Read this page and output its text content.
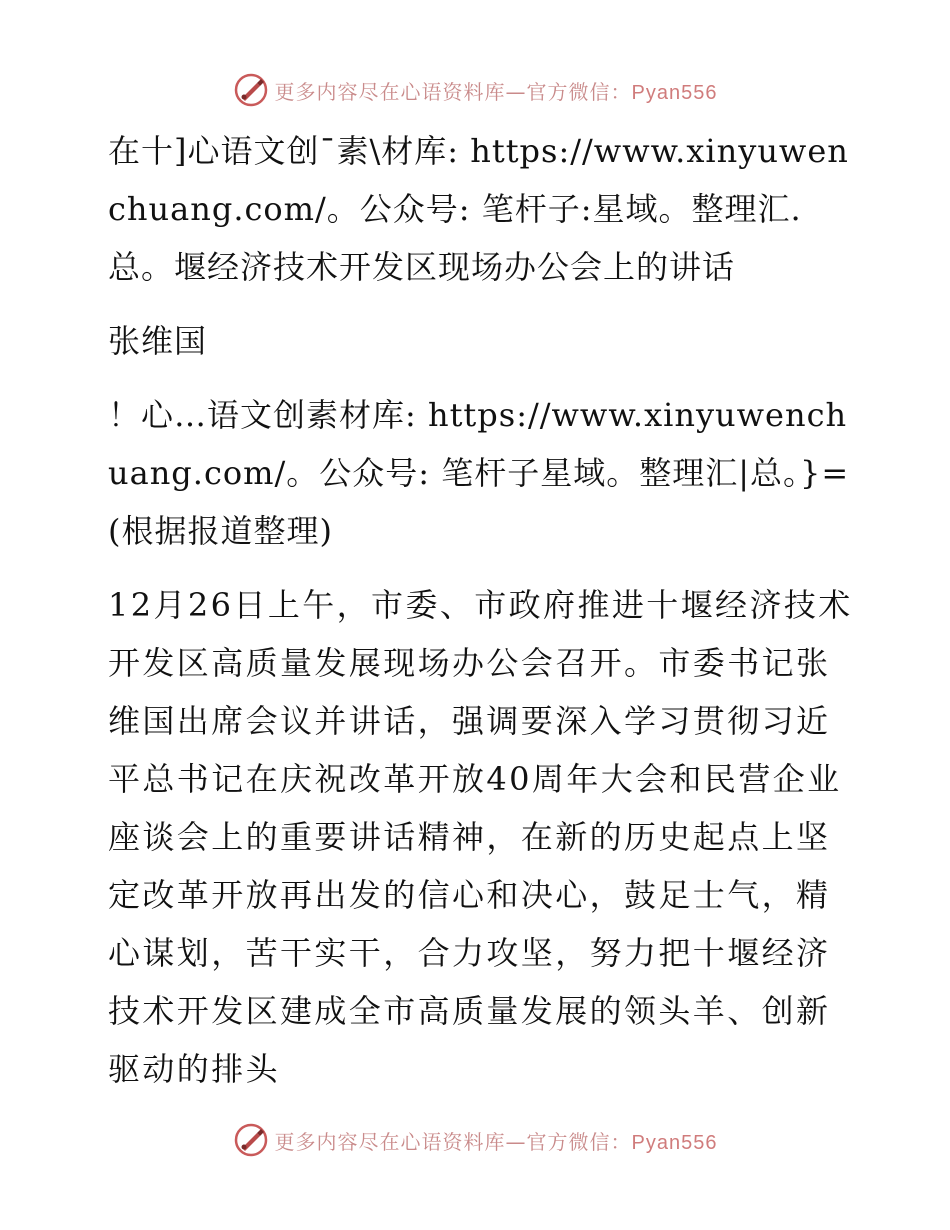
更多内容尽在心语资料库—官方微信：Pyan556

在十]心语文创¯素\材库: https://www.xinyuwenchuang.com/。公众号: 笔杆子:星域。整理汇.总。堰经济技术开发区现场办公会上的讲话

张维国

！心…语文创素材库: https://www.xinyuwenchuang.com/。公众号: 笔杆子星域。整理汇|总。}=(根据报道整理)

12月26日上午，市委、市政府推进十堰经济技术开发区高质量发展现场办公会召开。市委书记张维国出席会议并讲话，强调要深入学习贯彻习近平总书记在庆祝改革开放40周年大会和民营企业座谈会上的重要讲话精神，在新的历史起点上坚定改革开放再出发的信心和决心，鼓足士气，精心谋划，苦干实干，合力攻坚，努力把十堰经济技术开发区建成全市高质量发展的领头羊、创新驱动的排头

更多内容尽在心语资料库—官方微信：Pyan556
